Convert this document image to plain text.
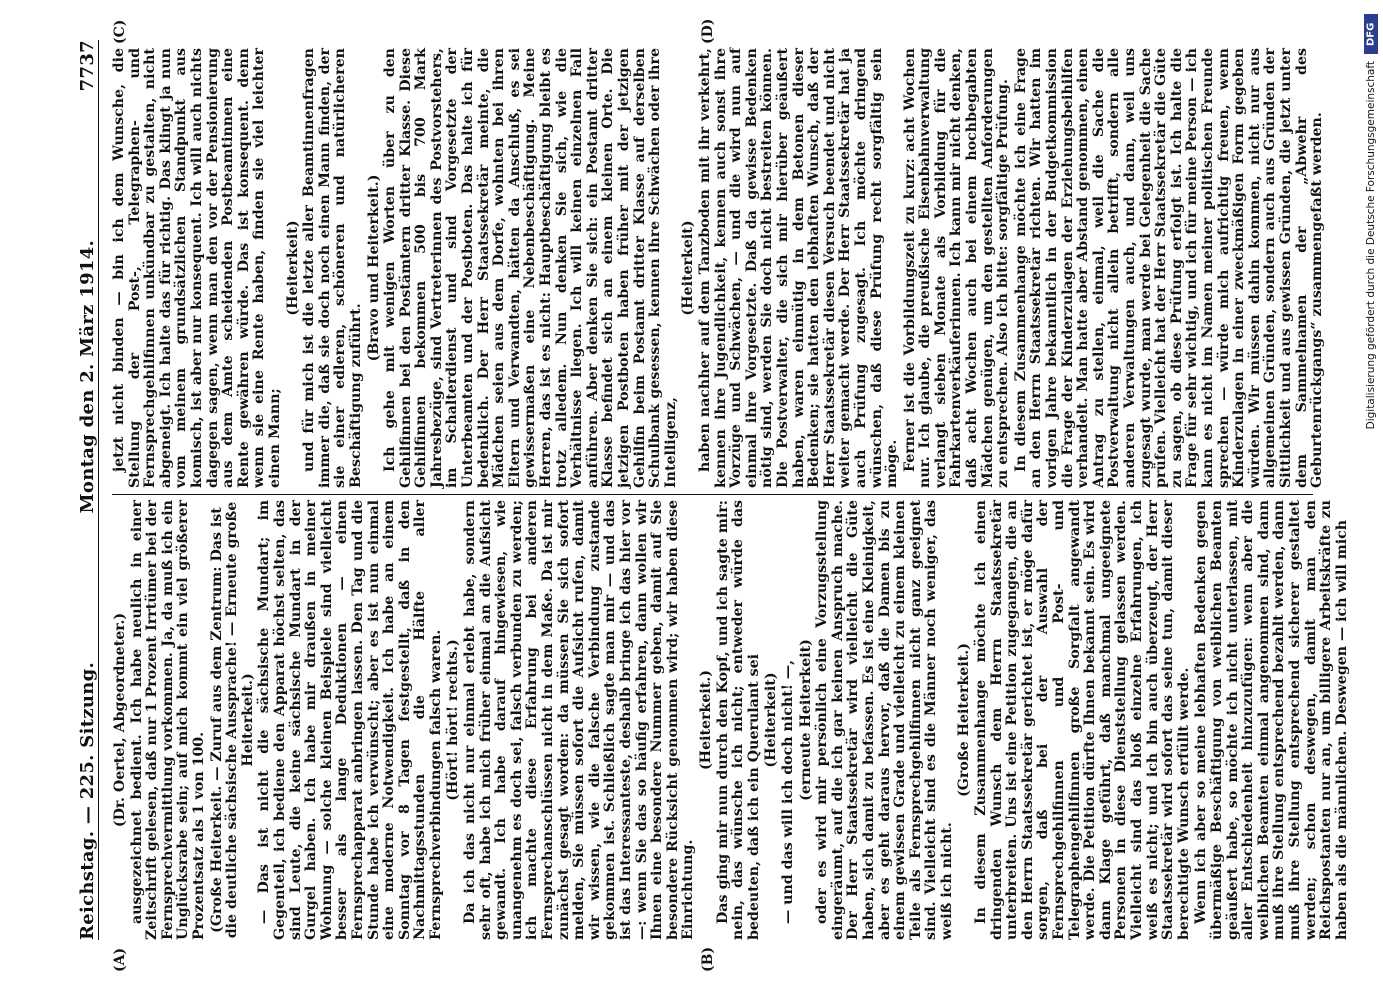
Reichstag. — 225. Sitzung.
Montag den 2. März 1914.
7737
(A)	(B)
(C)	(D)

(Dr. Oertel, Abgeordneter.) ausgezeichnet bedient. Ich habe neulich in einer Zeitschrift gelesen, daß nur 1 Prozent Irrtümer bei der Fernsprechvermittlung vorkommen. Ja, da muß ich ein Unglücksrabe sein; auf mich kommt ein viel größerer Prozentsatz als 1 von 100. (Große Heiterkeit. — Zuruf aus dem Zentrum: Das ist die deutliche sächsische Aussprache! — Erneute große Heiterkeit.) — Das ist nicht die sächsische Mundart; im Gegenteil, ich bediene den Apparat höchst selten, das sind Leute, die keine sächsische Mundart in der Gurgel haben. Ich habe mir draußen in meiner Wohnung — solche kleinen Beispiele sind vielleicht besser als lange Deduktionen — einen Fernsprechapparat anbringen lassen. Den Tag und die Stunde habe ich verwünscht; aber es ist nun einmal eine moderne Notwendigkeit. Ich habe an einem Sonntag vor 8 Tagen festgestellt, daß in den Nachmittagsstunden die Hälfte aller Fernsprechverbindungen falsch waren. (Hört! hört! rechts.) Da ich das nicht nur einmal erlebt habe, sondern sehr oft, habe ich mich früher einmal an die Aufsicht gewandt. Ich habe darauf hingewiesen, wie unangenehm es doch sei, falsch verbunden zu werden; ich machte diese Erfahrung bei anderen Fernsprechanschlüssen nicht in dem Maße. Da ist mir zunächst gesagt worden: da müssen Sie sich sofort melden, Sie müssen sofort die Aufsicht rufen, damit wir wissen, wie die falsche Verbindung zustande gekommen ist. Schließlich sagte man mir — und das ist das Interessanteste, deshalb bringe ich das hier vor —: wenn Sie das so häufig erfahren, dann wollen wir Ihnen eine besondere Nummer geben, damit auf Sie besondere Rücksicht genommen wird; wir haben diese Einrichtung.

(Heiterkeit.) Das ging mir nun durch den Kopf, und ich sagte mir: nein, das wünsche ich nicht; entweder würde das bedeuten, daß ich ein Querulant sei (Heiterkeit) — und das will ich doch nicht! —, (erneute Heiterkeit) oder es wird mir persönlich eine Vorzugsstellung eingeräumt, auf die ich gar keinen Anspruch mache. Der Herr Staatssekretär wird vielleicht die Güte haben, sich damit zu befassen. Es ist eine Kleinigkeit, aber es geht daraus hervor, daß die Damen bis zu einem gewissen Grade und vielleicht zu einem kleinen Teile als Fernsprechgehilfinnen nicht ganz geeignet sind. Vielleicht sind es die Männer noch weniger, das weiß ich nicht.

(Große Heiterkeit.) In diesem Zusammenhange möchte ich einen dringenden Wunsch dem Herrn Staatssekretär unterbreiten. Uns ist eine Petition zugegangen, die an den Herrn Staatssekretär gerichtet ist, er möge dafür sorgen, daß bei der Auswahl der Fernsprechgehilfinnen und Post- und Telegraphengehilfinnen große Sorgfalt angewandt werde. Die Petition dürfte Ihnen bekannt sein. Es wird dann Klage geführt, daß manchmal ungeeignete Personen in diese Dienststellung gelassen werden. Vielleicht sind das bloß einzelne Erfahrungen, ich weiß es nicht; und ich bin auch überzeugt, der Herr Staatssekretär wird sofort das seine tun, damit dieser berechtigte Wunsch erfüllt werde. Wenn ich aber so meine lebhaften Bedenken gegen übermäßige Beschäftigung von weiblichen Beamten geäußert habe, so möchte ich nicht unterlassen, mit aller Entschiedenheit hinzuzufügen: wenn aber die weiblichen Beamten einmal angenommen sind, dann muß ihre Stellung entsprechend bezahlt werden, dann muß ihre Stellung entsprechend sicherer gestaltet werden; schon deswegen, damit man den Reichspostanten nur an, um billigere Arbeitskräfte zu haben als die männlichen. Deswegen — ich will mich

jetzt nicht binden — bin ich dem Wunsche, die Stellung der Post-, Telegraphen- und Fernsprechgehilfinnen unkündbar zu gestalten, nicht abgeneigt. Ich halte das für richtig. Das klingt ja nun vom meinem grundsätzlichen Standpunkt aus komisch, ist aber nur konsequent. Ich will auch nichts dagegen sagen, wenn man den vor der Pensionierung aus dem Amte scheidenden Postbeamtinnen eine Rente gewähren würde. Das ist konsequent. denn wenn sie eine Rente haben, finden sie viel leichter einen Mann;

(Heiterkeit) und für mich ist die letzte aller Beamtinnenfragen immer die, daß sie doch noch einen Mann finden, der sie einer edleren, schöneren und natürlicheren Beschäftigung zuführt.

(Bravo und Heiterkeit.) Ich gehe mit wenigen Worten über zu den Gehilfinnen bei den Postämtern dritter Klasse. Diese Gehilfinnen bekommen 500 bis 700 Mark Jahresbezüge, sind Vertreterinnen des Postvorstehers, im Schalterdienst und sind Vorgesetzte der Unterbeamten und der Postboten. Das halte ich für bedenklich. Der Herr Staatssekretär meinte, die Mädchen seien aus dem Dorfe, wohnten bei ihren Eltern und Verwandten, hätten da Anschluß, es sei gewissermaßen eine Nebenbeschäftigung. Meine Herren, das ist es nicht: Hauptbeschäftigung bleibt es trotz alledem. Nun denken Sie sich, wie die Verhältnisse liegen. Ich will keinen einzelnen Fall anführen. Aber denken Sie sich: ein Postamt dritter Klasse befindet sich an einem kleinen Orte. Die jetzigen Postboten haben früher mit der jetzigen Gehilfin beim Postamt dritter Klasse auf derselben Schulbank gesessen, kennen ihre Schwächen oder ihre Intelligenz,

(Heiterkeit) haben nachher auf dem Tanzboden mit ihr verkehrt, kennen ihre Jugendlichkeit, kennen auch sonst ihre Vorzüge und Schwächen, — und die wird nun auf einmal ihre Vorgesetzte. Daß da gewisse Bedenken nötig sind, werden Sie doch nicht bestreiten können. Die Postverwalter, die sich mir hierüber geäußert haben, waren einmütig in dem Betonen dieser Bedenken; sie hatten den lebhaften Wunsch, daß der Herr Staatssekretär diesen Versuch beendet und nicht weiter gemacht werde. Der Herr Staatssekretär hat ja auch Prüfung zugesagt. Ich möchte dringend wünschen, daß diese Prüfung recht sorgfältig sein möge. Ferner ist die Vorbildungszeit zu kurz: acht Wochen nur. Ich glaube, die preußische Eisenbahnverwaltung verlangt sieben Monate als Vorbildung für die Fahrkartenverkäuferinnen. Ich kann mir nicht denken, daß acht Wochen auch bei einem hochbegabten Mädchen genügen, um den gestellten Anforderungen zu entsprechen. Also ich bitte: sorgfältige Prüfung. In diesem Zusammenhange möchte ich eine Frage an den Herrn Staatssekretär richten. Wir hatten im vorigen Jahre bekanntlich in der Budgetkommission die Frage der Kinderzulagen der Erziehungsbeihilfen verhandelt. Man hatte aber Abstand genommen, einen Antrag zu stellen, einmal, weil die Sache die Postverwaltung nicht allein betrifft, sondern alle anderen Verwaltungen auch, und dann, weil uns zugesagt wurde, man werde bei Gelegenheit die Sache prüfen. Vielleicht hat der Herr Staatssekretär die Güte zu sagen, ob diese Prüfung erfolgt ist. Ich halte die Frage für sehr wichtig, und ich für meine Person — ich kann es nicht im Namen meiner politischen Freunde sprechen — würde mich aufrichtig freuen, wenn Kinderzulagen in einer zweckmäßigen Form gegeben würden. Wir müssen dahin kommen, nicht nur aus allgemeinen Gründen, sondern auch aus Gründen der Sittlichkeit und aus gewissen Gründen, die jetzt unter dem Sammelnamen der „Abwehr des Geburtenrückgangs“ zusammengefaßt werden.

DFG
Digitalisierung gefördert durch die Deutsche Forschungsgemeinschaft
